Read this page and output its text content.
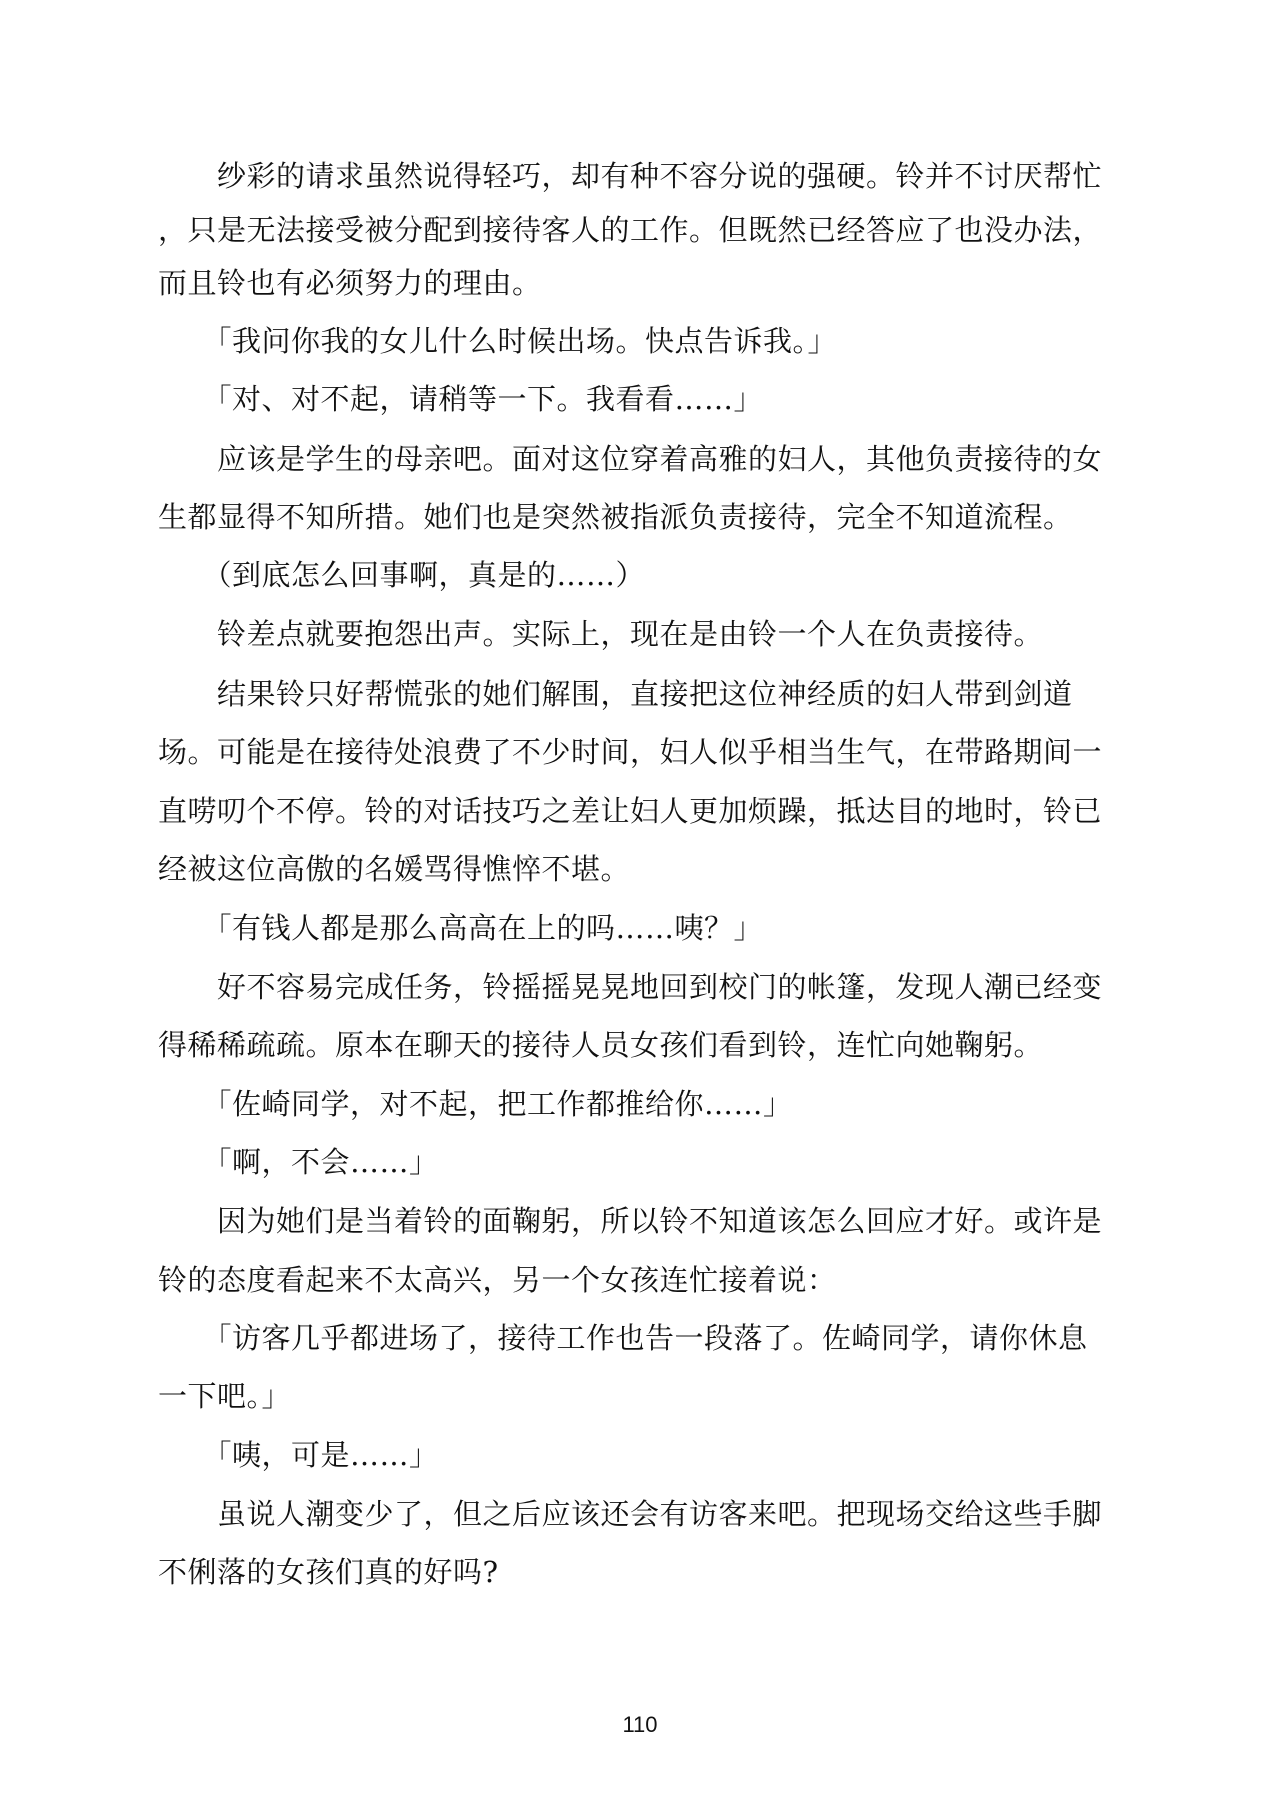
　　纱彩的请求虽然说得轻巧，却有种不容分说的强硬。铃并不讨厌帮忙
，只是无法接受被分配到接待客人的工作。但既然已经答应了也没办法，
而且铃也有必须努力的理由。
　　「我问你我的女儿什么时候出场。快点告诉我。」
　　「对、对不起，请稍等一下。我看看……」
　　应该是学生的母亲吧。面对这位穿着高雅的妇人，其他负责接待的女
生都显得不知所措。她们也是突然被指派负责接待，完全不知道流程。
　　（到底怎么回事啊，真是的……）
　　铃差点就要抱怨出声。实际上，现在是由铃一个人在负责接待。
　　结果铃只好帮慌张的她们解围，直接把这位神经质的妇人带到剑道
场。可能是在接待处浪费了不少时间，妇人似乎相当生气，在带路期间一
直唠叨个不停。铃的对话技巧之差让妇人更加烦躁，抵达目的地时，铃已
经被这位高傲的名媛骂得憔悴不堪。
　　「有钱人都是那么高高在上的吗……咦？」
　　好不容易完成任务，铃摇摇晃晃地回到校门的帐篷，发现人潮已经变
得稀稀疏疏。原本在聊天的接待人员女孩们看到铃，连忙向她鞠躬。
　　「佐崎同学，对不起，把工作都推给你……」
　　「啊，不会……」
　　因为她们是当着铃的面鞠躬，所以铃不知道该怎么回应才好。或许是
铃的态度看起来不太高兴，另一个女孩连忙接着说：
　　「访客几乎都进场了，接待工作也告一段落了。佐崎同学，请你休息
一下吧。」
　　「咦，可是……」
　　虽说人潮变少了，但之后应该还会有访客来吧。把现场交给这些手脚
不俐落的女孩们真的好吗?
110
